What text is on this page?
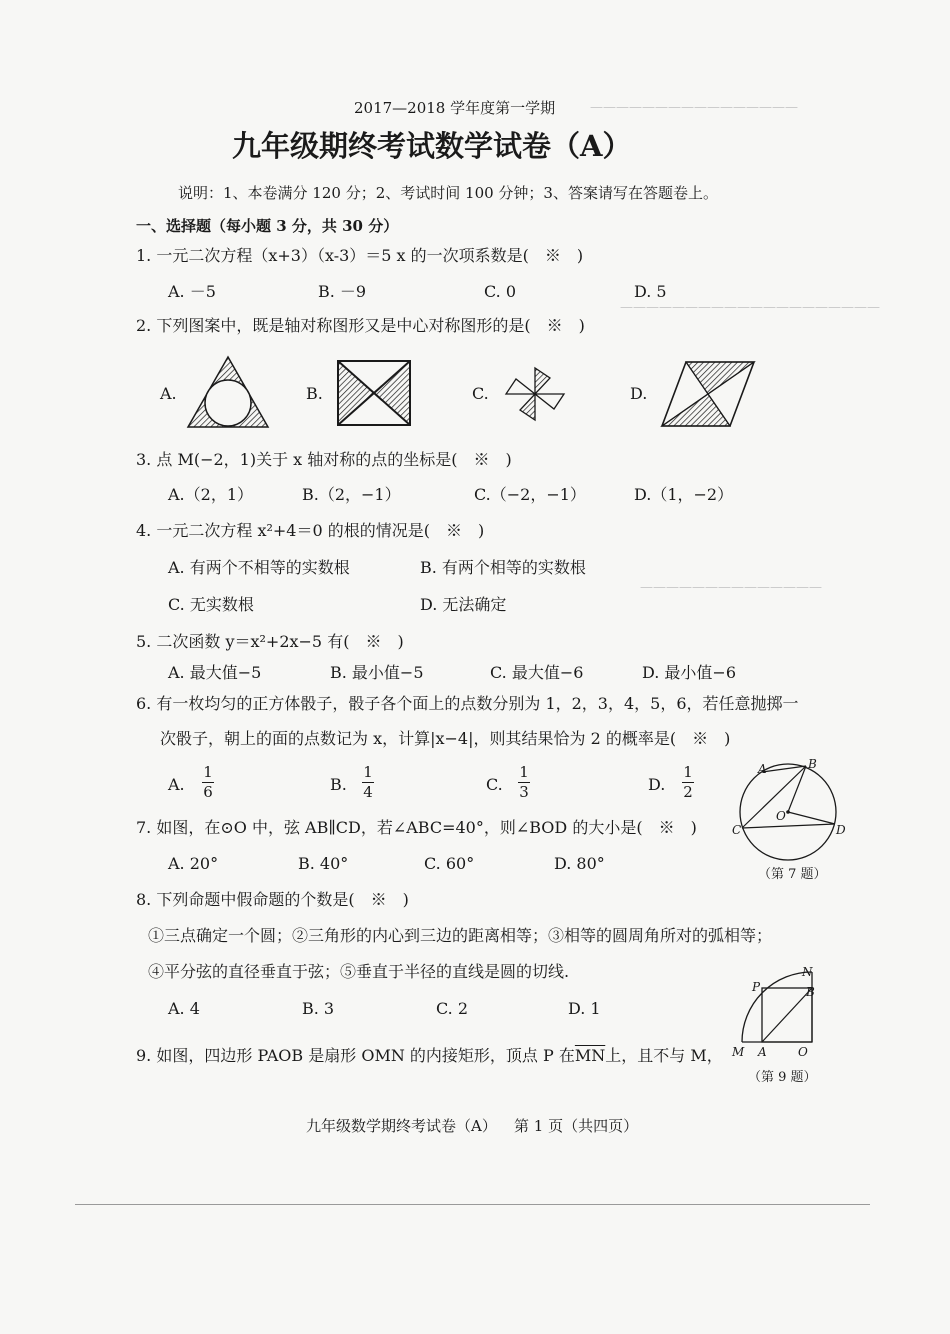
————————————————
————————————————————
——————————————
2017—2018 学年度第一学期
九年级期终考试数学试卷（A）
说明：1、本卷满分 120 分；2、考试时间 100 分钟；3、答案请写在答题卷上。
一、选择题（每小题 3 分，共 30 分）
1. 一元二次方程（x+3）（x-3）＝5 x 的一次项系数是(　※　)
A. －5	B. －9	C. 0	D. 5
2. 下列图案中，既是轴对称图形又是中心对称图形的是(　※　)
A.	B.	C.	D.
3. 点 M(−2，1)关于 x 轴对称的点的坐标是(　※　)
A.（2，1）	B.（2，−1）	C.（−2，−1）	D.（1，−2）
4. 一元二次方程 x²+4＝0 的根的情况是(　※　)
A. 有两个不相等的实数根	B. 有两个相等的实数根
C. 无实数根	D. 无法确定
5. 二次函数 y＝x²+2x−5 有(　※　)
A. 最大值−5	B. 最小值−5	C. 最大值−6	D. 最小值−6
6. 有一枚均匀的正方体骰子，骰子各个面上的点数分别为 1，2，3，4，5，6，若任意抛掷一
次骰子，朝上的面的点数记为 x，计算|x−4|，则其结果恰为 2 的概率是(　※　)
A.
1
6	B.
1
4	C.
1
3	D.
1
2
7. 如图，在⊙O 中，弦 AB∥CD，若∠ABC=40°，则∠BOD 的大小是(　※　)
A. 20°	B. 40°	C. 60°	D. 80°
A	B
C	D
O
（第 7 题）
8. 下列命题中假命题的个数是(　※　)
①三点确定一个圆；②三角形的内心到三边的距离相等；③相等的圆周角所对的弧相等；
④平分弦的直径垂直于弦；⑤垂直于半径的直线是圆的切线.
A. 4	B. 3	C. 2	D. 1
P
N
B
M A	O
（第 9 题）
9. 如图，四边形 PAOB 是扇形 OMN 的内接矩形，顶点 P 在$\overline{MN}$上，且不与 M，
九年级数学期终考试卷（A） 第 1 页（共四页）
